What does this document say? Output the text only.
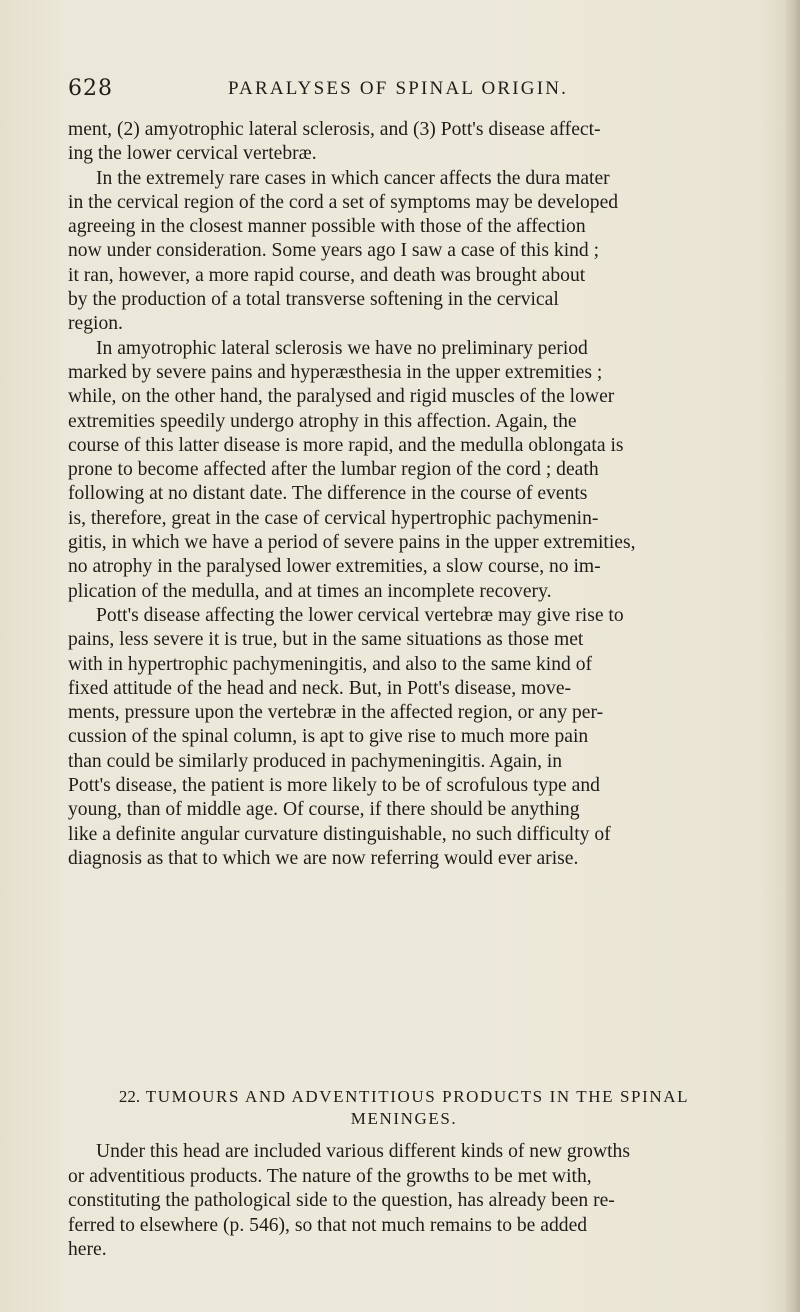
628	PARALYSES OF SPINAL ORIGIN.
ment, (2) amyotrophic lateral sclerosis, and (3) Pott's disease affect-
ing the lower cervical vertebræ.
In the extremely rare cases in which cancer affects the dura mater
in the cervical region of the cord a set of symptoms may be developed
agreeing in the closest manner possible with those of the affection
now under consideration. Some years ago I saw a case of this kind ;
it ran, however, a more rapid course, and death was brought about
by the production of a total transverse softening in the cervical
region.
In amyotrophic lateral sclerosis we have no preliminary period
marked by severe pains and hyperæsthesia in the upper extremities ;
while, on the other hand, the paralysed and rigid muscles of the lower
extremities speedily undergo atrophy in this affection. Again, the
course of this latter disease is more rapid, and the medulla oblongata is
prone to become affected after the lumbar region of the cord ; death
following at no distant date. The difference in the course of events
is, therefore, great in the case of cervical hypertrophic pachymenin-
gitis, in which we have a period of severe pains in the upper extremities,
no atrophy in the paralysed lower extremities, a slow course, no im-
plication of the medulla, and at times an incomplete recovery.
Pott's disease affecting the lower cervical vertebræ may give rise to
pains, less severe it is true, but in the same situations as those met
with in hypertrophic pachymeningitis, and also to the same kind of
fixed attitude of the head and neck. But, in Pott's disease, move-
ments, pressure upon the vertebræ in the affected region, or any per-
cussion of the spinal column, is apt to give rise to much more pain
than could be similarly produced in pachymeningitis. Again, in
Pott's disease, the patient is more likely to be of scrofulous type and
young, than of middle age. Of course, if there should be anything
like a definite angular curvature distinguishable, no such difficulty of
diagnosis as that to which we are now referring would ever arise.
22. TUMOURS AND ADVENTITIOUS PRODUCTS IN THE SPINAL
MENINGES.
Under this head are included various different kinds of new growths
or adventitious products. The nature of the growths to be met with,
constituting the pathological side to the question, has already been re-
ferred to elsewhere (p. 546), so that not much remains to be added
here.
